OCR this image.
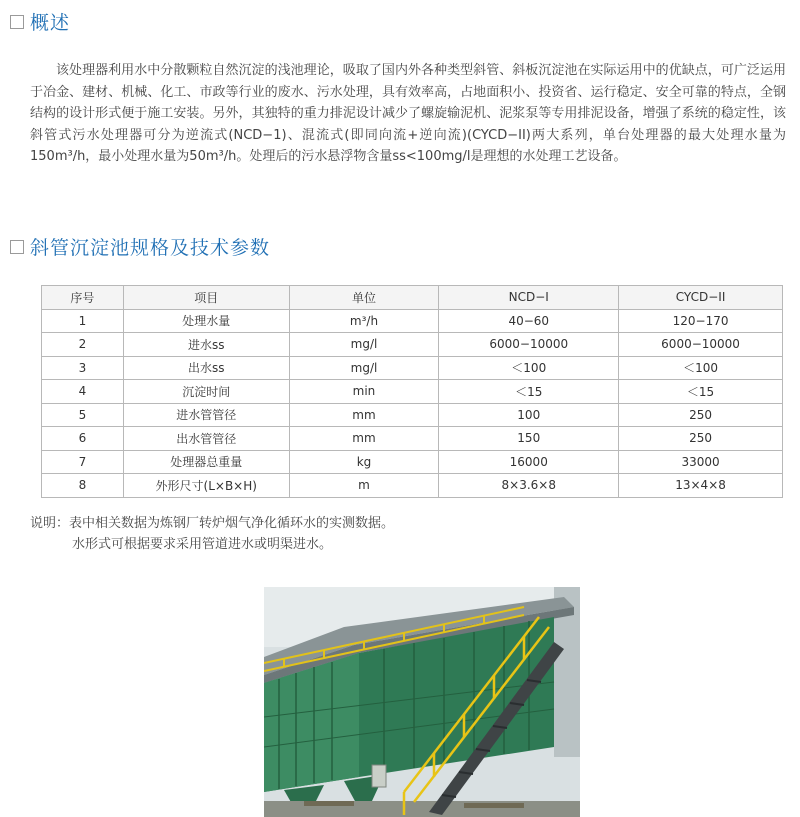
概述

该处理器利用水中分散颗粒自然沉淀的浅池理论，吸取了国内外各种类型斜管、斜板沉淀池在实际运用中的优缺点，可广泛运用于冶金、建材、机械、化工、市政等行业的废水、污水处理，具有效率高，占地面积小、投资省、运行稳定、安全可靠的特点，全钢结构的设计形式便于施工安装。另外，其独特的重力排泥设计减少了螺旋输泥机、泥浆泵等专用排泥设备，增强了系统的稳定性，该斜管式污水处理器可分为逆流式(NCD−1)、混流式(即同向流+逆向流)(CYCD−II)两大系列，单台处理器的最大处理水量为150m³/h，最小处理水量为50m³/h。处理后的污水悬浮物含量ss<100mg/l是理想的水处理工艺设备。

斜管沉淀池规格及技术参数
序号	项目	单位	NCD−I	CYCD−II
1	处理水量	m³/h	40−60	120−170
2	进水ss	mg/l	6000−10000	6000−10000
3	出水ss	mg/l	＜100	＜100
4	沉淀时间	min	＜15	＜15
5	进水管管径	mm	100	250
6	出水管管径	mm	150	250
7	处理器总重量	kg	16000	33000
8	外形尺寸(L×B×H)	m	8×3.6×8	13×4×8
说明：表中相关数据为炼钢厂转炉烟气净化循环水的实测数据。
水形式可根据要求采用管道进水或明渠进水。
